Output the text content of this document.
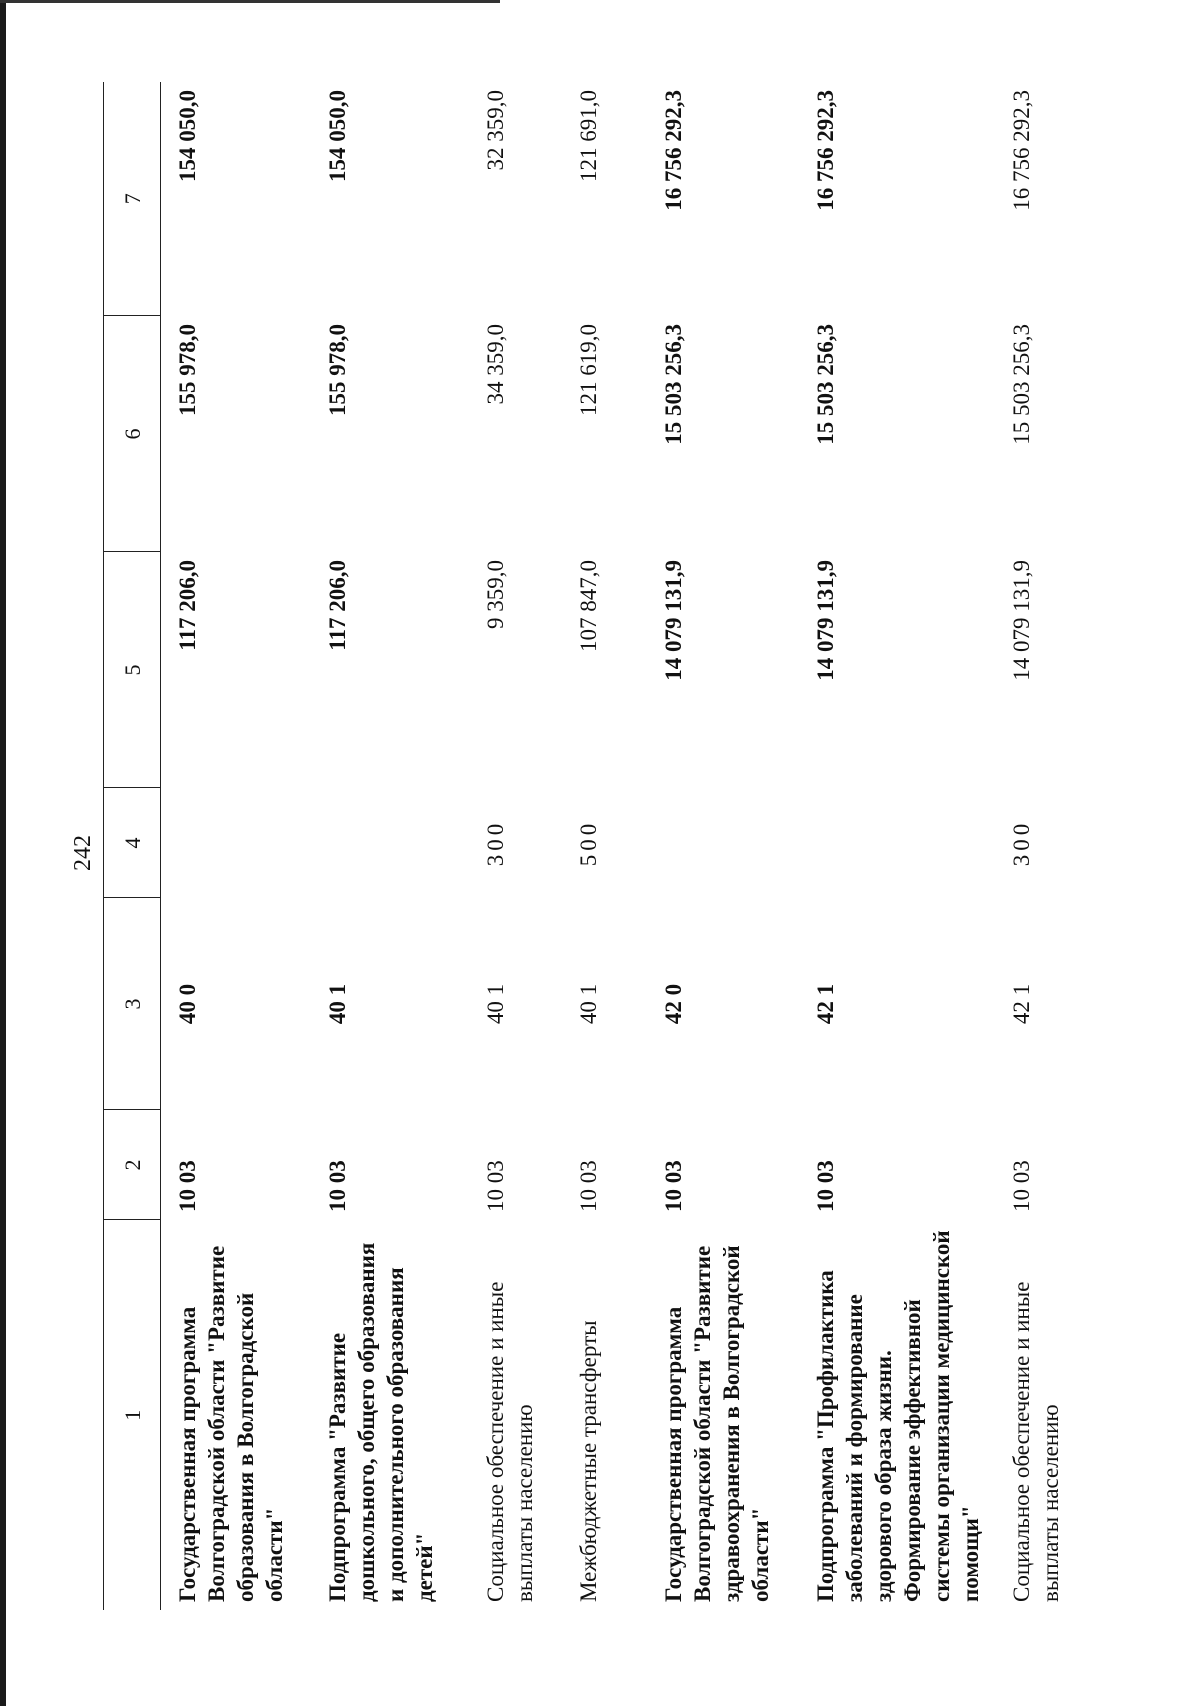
242
1	2	3	4	5	6	7
Государственная программа Волгоградской области "Развитие образования в Волгоградской области"	10 03	40 0		117 206,0	155 978,0	154 050,0
Подпрограмма "Развитие дошкольного, общего образования и дополнительного образования детей"	10 03	40 1		117 206,0	155 978,0	154 050,0
Социальное обеспечение и иные выплаты населению	10 03	40 1	300	9 359,0	34 359,0	32 359,0
Межбюджетные трансферты	10 03	40 1	500	107 847,0	121 619,0	121 691,0
Государственная программа Волгоградской области "Развитие здравоохранения в Волгоградской области"	10 03	42 0		14 079 131,9	15 503 256,3	16 756 292,3
Подпрограмма "Профилактика заболеваний и формирование здорового образа жизни. Формирование эффективной системы организации медицинской помощи"	10 03	42 1		14 079 131,9	15 503 256,3	16 756 292,3
Социальное обеспечение и иные выплаты населению	10 03	42 1	300	14 079 131,9	15 503 256,3	16 756 292,3
